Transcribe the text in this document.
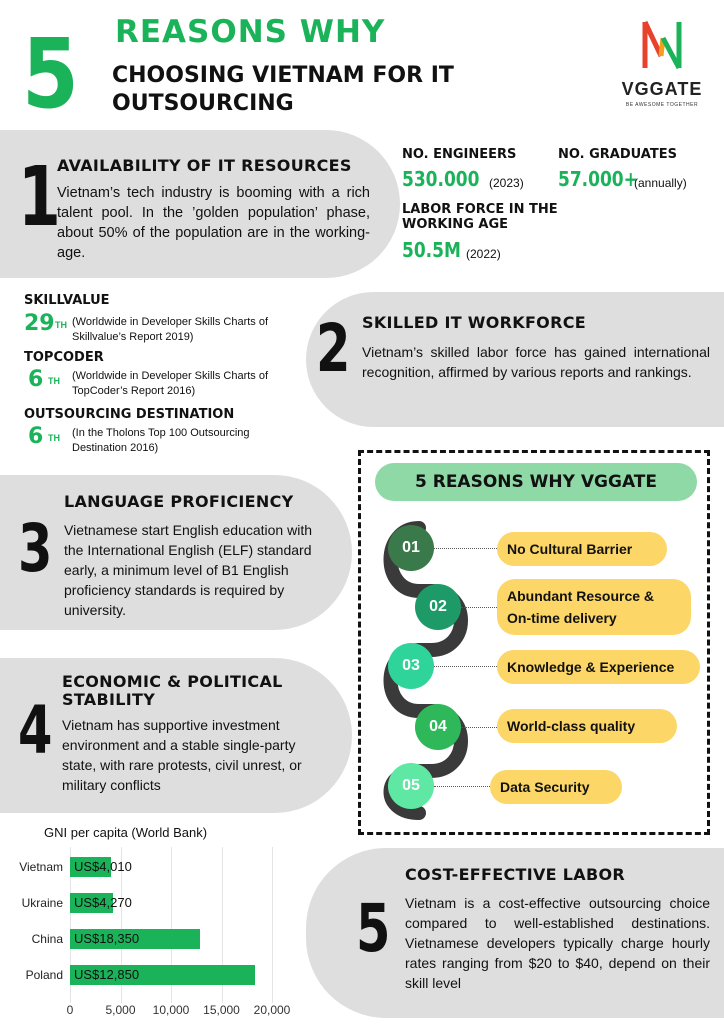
5 REASONS WHY
CHOOSING VIETNAM FOR IT OUTSOURCING
VGGATE
BE AWESOME TOGETHER
1
AVAILABILITY OF IT RESOURCES
Vietnam’s tech industry is booming with a rich talent pool. In the ’golden population’ phase, about 50% of the population are in the working-age.
NO. ENGINEERS
530.000 (2023)
NO. GRADUATES
57.000+
(annually)
LABOR FORCE IN THE WORKING AGE
50.5M (2022)
SKILLVALUE
29 TH (Worldwide in Developer Skills Charts of Skillvalue’s Report 2019)
TOPCODER
6 TH (Worldwide in Developer Skills Charts of TopCoder’s Report 2016)
OUTSOURCING DESTINATION
6 TH (In the Tholons Top 100 Outsourcing Destination 2016)
2 SKILLED IT WORKFORCE
Vietnam’s skilled labor force has gained international recognition, affirmed by various reports and rankings.
3
LANGUAGE PROFICIENCY
Vietnamese start English education with the International English (ELF) standard early, a minimum level of B1 English proficiency standards is required by university.
4
ECONOMIC & POLITICAL STABILITY
Vietnam has supportive investment environment and a stable single-party state, with rare protests, civil unrest, or military conflicts
5 REASONS WHY VGGATE
01
02
03
04
05
No Cultural Barrier
Abundant Resource & On-time delivery
Knowledge & Experience
World-class quality
Data Security
5
COST-EFFECTIVE LABOR
Vietnam is a cost-effective outsourcing choice compared to well-established destinations. Vietnamese developers typically charge hourly rates ranging from $20 to $40, depend on their skill level
GNI per capita (World Bank)
0	5,000 10,000 15,000 20,000
Vietnam US$4,010
Ukraine US$4,270
China US$18,350
Poland US$12,850
